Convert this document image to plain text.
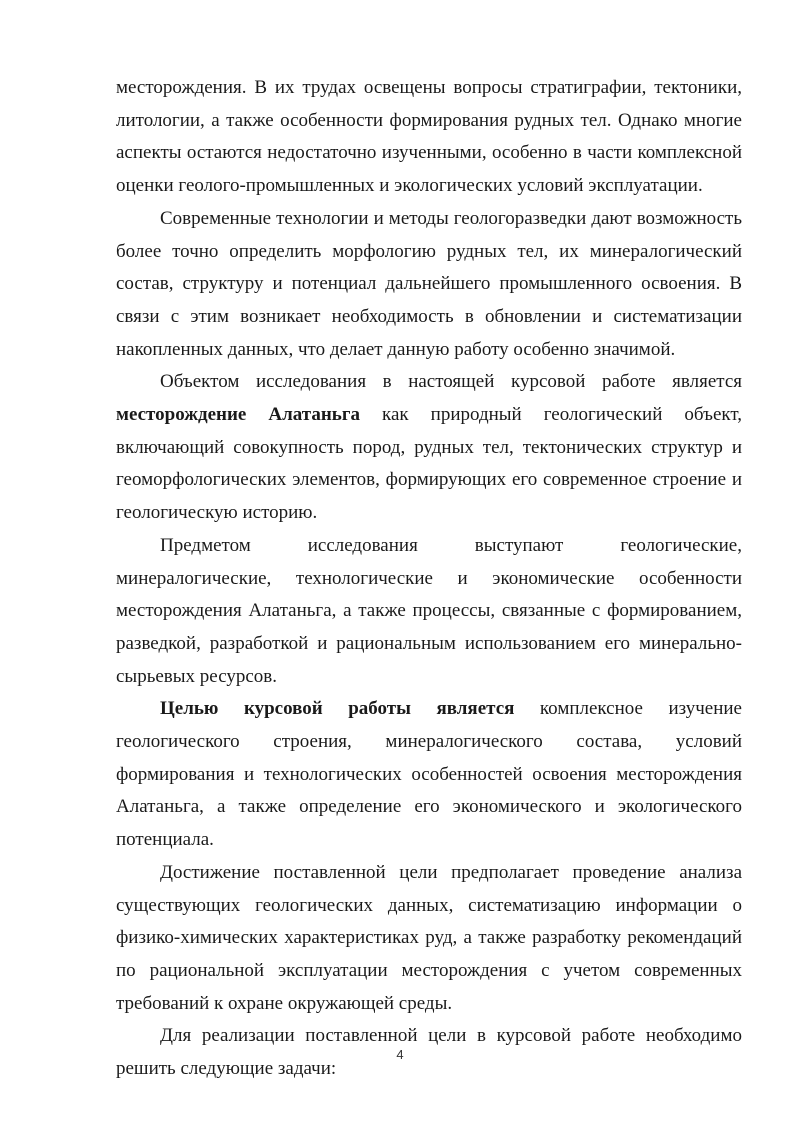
месторождения. В их трудах освещены вопросы стратиграфии, тектоники, литологии, а также особенности формирования рудных тел. Однако многие аспекты остаются недостаточно изученными, особенно в части комплексной оценки геолого-промышленных и экологических условий эксплуатации.

Современные технологии и методы геологоразведки дают возможность более точно определить морфологию рудных тел, их минералогический состав, структуру и потенциал дальнейшего промышленного освоения. В связи с этим возникает необходимость в обновлении и систематизации накопленных данных, что делает данную работу особенно значимой.

Объектом исследования в настоящей курсовой работе является месторождение Алатаньга как природный геологический объект, включающий совокупность пород, рудных тел, тектонических структур и геоморфологических элементов, формирующих его современное строение и геологическую историю.

Предметом исследования выступают геологические, минералогические, технологические и экономические особенности месторождения Алатаньга, а также процессы, связанные с формированием, разведкой, разработкой и рациональным использованием его минерально-сырьевых ресурсов.

Целью курсовой работы является комплексное изучение геологического строения, минералогического состава, условий формирования и технологических особенностей освоения месторождения Алатаньга, а также определение его экономического и экологического потенциала.

Достижение поставленной цели предполагает проведение анализа существующих геологических данных, систематизацию информации о физико-химических характеристиках руд, а также разработку рекомендаций по рациональной эксплуатации месторождения с учетом современных требований к охране окружающей среды.

Для реализации поставленной цели в курсовой работе необходимо решить следующие задачи:

4
